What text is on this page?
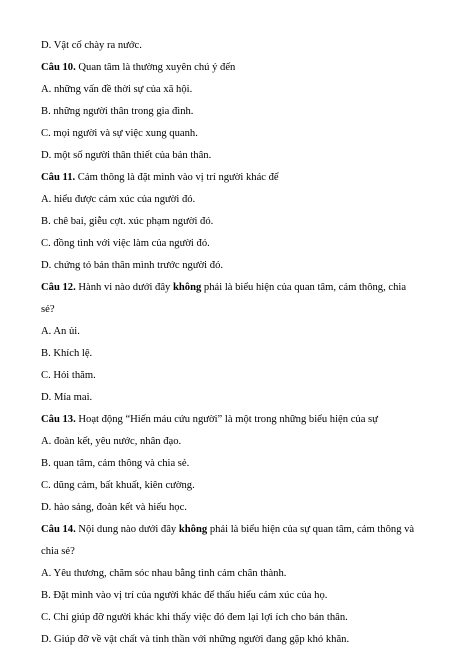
D. Vật cố chày ra nước.
Câu 10. Quan tâm là thường xuyên chú ý đến
A. những vấn đề thời sự của xã hội.
B. những người thân trong gia đình.
C. mọi người và sự việc xung quanh.
D. một số người thân thiết của bản thân.
Câu 11. Cảm thông là đặt mình vào vị trí người khác để
A. hiểu được cảm xúc của người đó.
B. chê bai, giễu cợt. xúc phạm người đó.
C. đồng tình với việc làm của người đó.
D. chứng tỏ bản thân mình trước người đó.
Câu 12. Hành vi nào dưới đây không phải là biểu hiện của quan tâm, cảm thông, chia
sẻ?
A. An ủi.
B. Khích lệ.
C. Hỏi thăm.
D. Mỉa mai.
Câu 13. Hoạt động “Hiến máu cứu người” là một trong những biểu hiện của sự
A. đoàn kết, yêu nước, nhân đạo.
B. quan tâm, cảm thông và chia sẻ.
C. dũng cảm, bất khuất, kiên cường.
D. hào sảng, đoàn kết và hiếu học.
Câu 14. Nội dung nào dưới đây không phải là biểu hiện của sự quan tâm, cảm thông và
chia sẻ?
A. Yêu thương, chăm sóc nhau bằng tình cảm chân thành.
B. Đặt mình vào vị trí của người khác để thấu hiểu cảm xúc của họ.
C. Chỉ giúp đỡ người khác khi thấy việc đó đem lại lợi ích cho bản thân.
D. Giúp đỡ về vật chất và tinh thần với những người đang gặp khó khăn.
